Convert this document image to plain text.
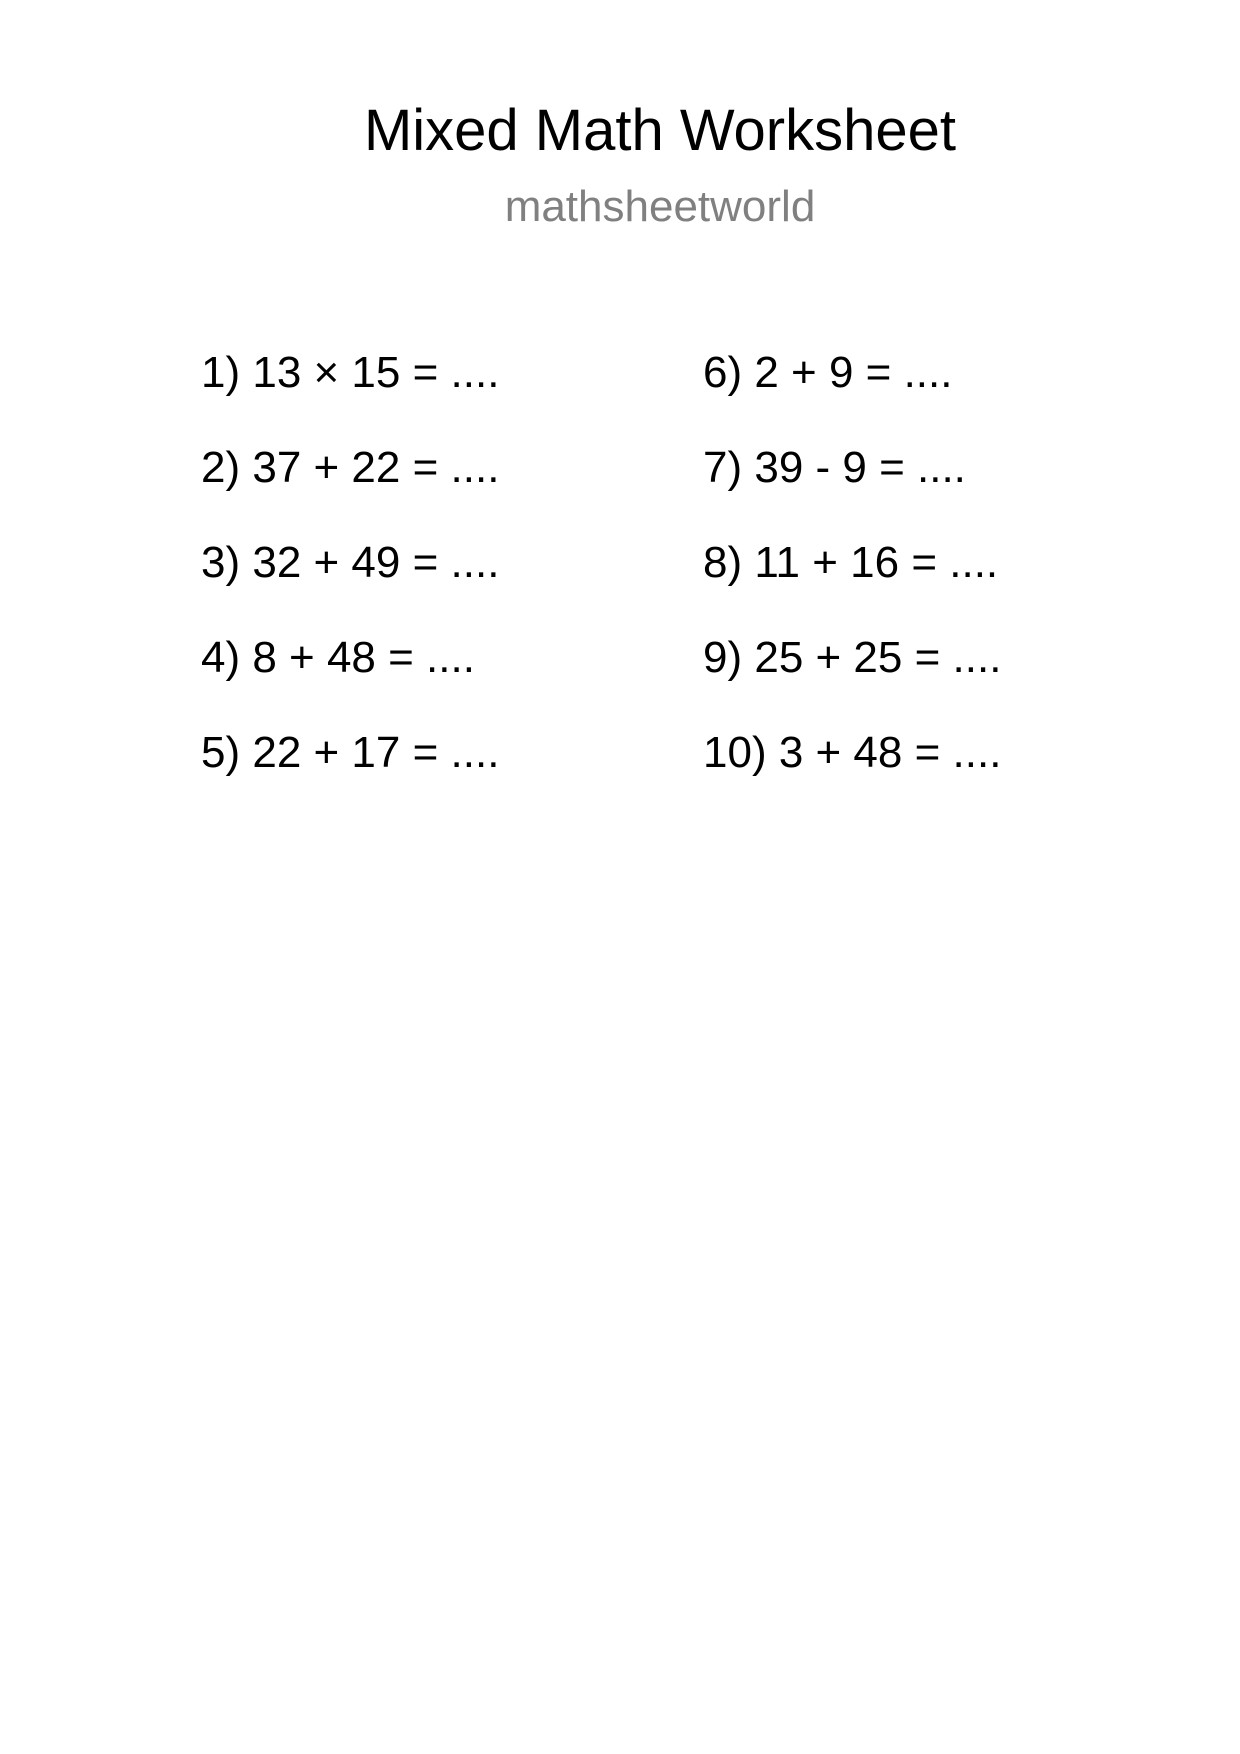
Mixed Math Worksheet
mathsheetworld
1) 13 × 15 = ....
2) 37 + 22 = ....
3) 32 + 49 = ....
4) 8 + 48 = ....
5) 22 + 17 = ....
6) 2 + 9 = ....
7) 39 - 9 = ....
8) 11 + 16 = ....
9) 25 + 25 = ....
10) 3 + 48 = ....
